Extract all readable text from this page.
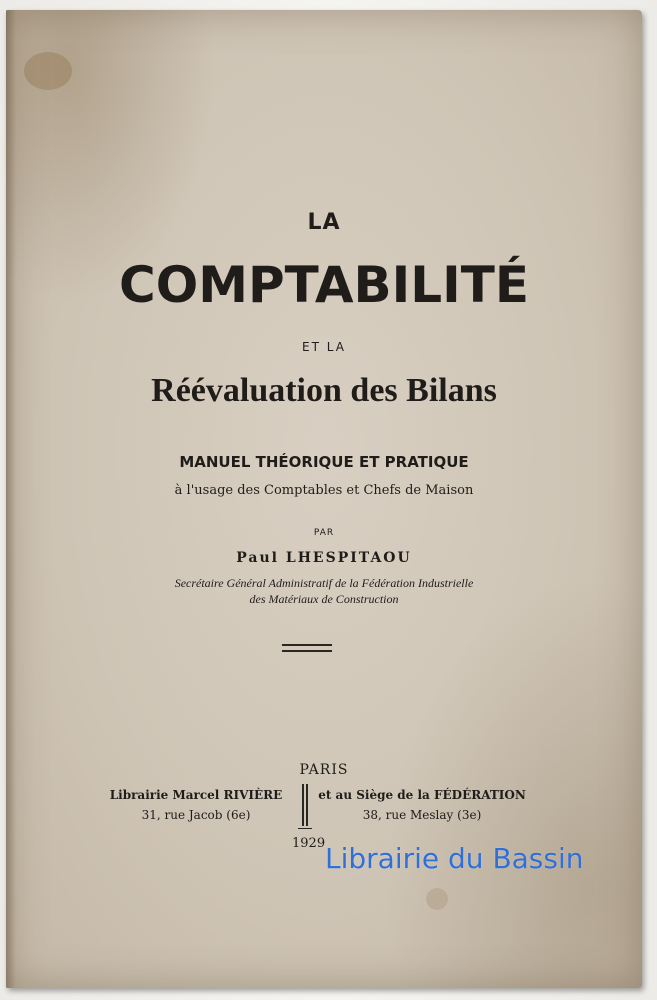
LA
COMPTABILITÉ
ET LA
Réévaluation des Bilans
MANUEL THÉORIQUE ET PRATIQUE
à l'usage des Comptables et Chefs de Maison
PAR
Paul LHESPITAOU
Secrétaire Général Administratif de la Fédération Industrielle
des Matériaux de Construction
PARIS
Librairie Marcel RIVIÈRE
31, rue Jacob (6e)
et au Siège de la FÉDÉRATION
38, rue Meslay (3e)
1929 Librairie du Bassin
